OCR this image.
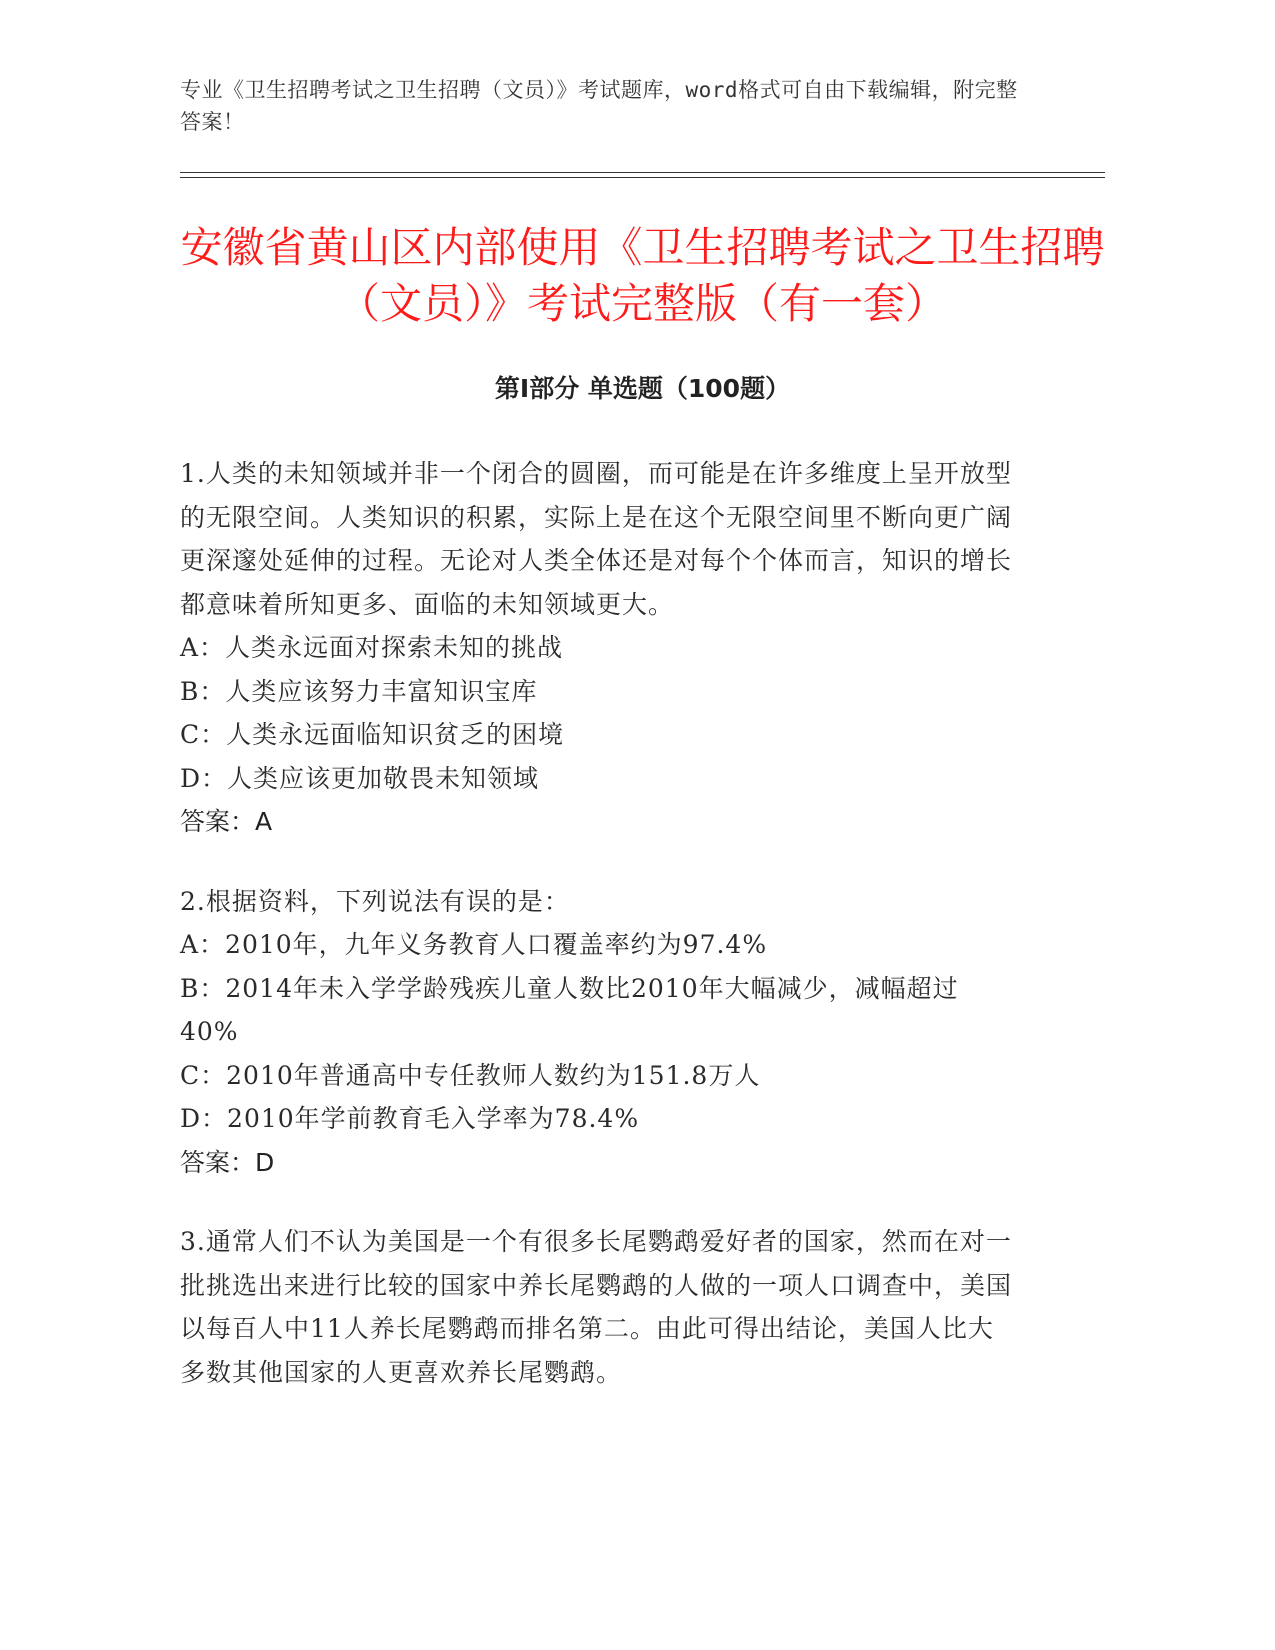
专业《卫生招聘考试之卫生招聘（文员）》考试题库，word格式可自由下载编辑，附完整答案！
安徽省黄山区内部使用《卫生招聘考试之卫生招聘（文员）》考试完整版（有一套）
第Ⅰ部分 单选题（100题）

1.人类的未知领域并非一个闭合的圆圈，而可能是在许多维度上呈开放型的无限空间。人类知识的积累，实际上是在这个无限空间里不断向更广阔更深邃处延伸的过程。无论对人类全体还是对每个个体而言，知识的增长都意味着所知更多、面临的未知领域更大。

A：人类永远面对探索未知的挑战

B：人类应该努力丰富知识宝库

C：人类永远面临知识贫乏的困境

D：人类应该更加敬畏未知领域

答案：A

2.根据资料，下列说法有误的是：

A：2010年，九年义务教育人口覆盖率约为97.4%

B：2014年未入学学龄残疾儿童人数比2010年大幅减少，减幅超过40%

C：2010年普通高中专任教师人数约为151.8万人

D：2010年学前教育毛入学率为78.4%

答案：D

3.通常人们不认为美国是一个有很多长尾鹦鹉爱好者的国家，然而在对一批挑选出来进行比较的国家中养长尾鹦鹉的人做的一项人口调查中，美国以每百人中11人养长尾鹦鹉而排名第二。由此可得出结论，美国人比大多数其他国家的人更喜欢养长尾鹦鹉。
